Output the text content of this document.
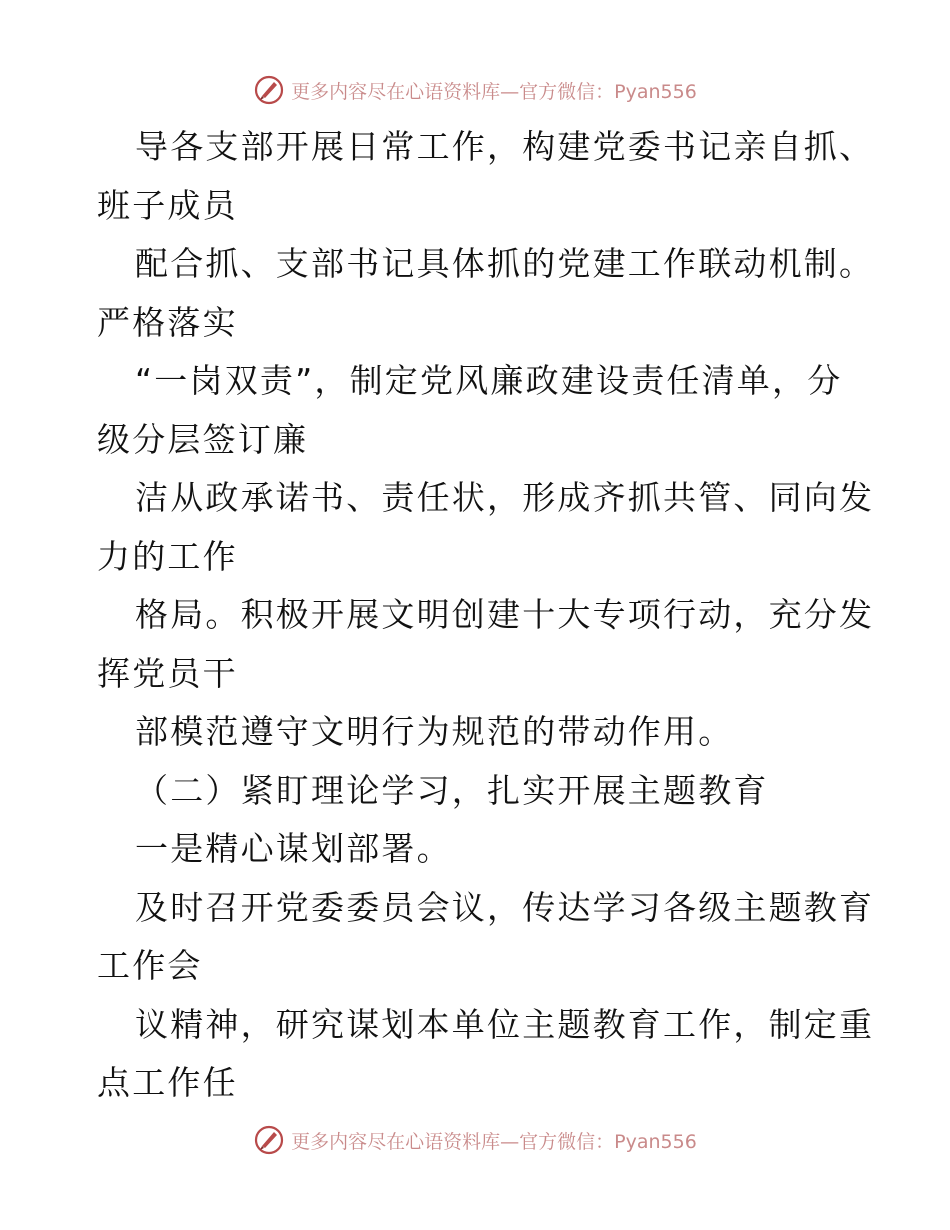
更多内容尽在心语资料库—官方微信：Pyan556
导各支部开展日常工作，构建党委书记亲自抓、
班子成员
配合抓、支部书记具体抓的党建工作联动机制。
严格落实
“一岗双责”，制定党风廉政建设责任清单，分
级分层签订廉
洁从政承诺书、责任状，形成齐抓共管、同向发
力的工作
格局。积极开展文明创建十大专项行动，充分发
挥党员干
部模范遵守文明行为规范的带动作用。
（二）紧盯理论学习，扎实开展主题教育
一是精心谋划部署。
及时召开党委委员会议，传达学习各级主题教育
工作会
议精神，研究谋划本单位主题教育工作，制定重
点工作任
更多内容尽在心语资料库—官方微信：Pyan556
